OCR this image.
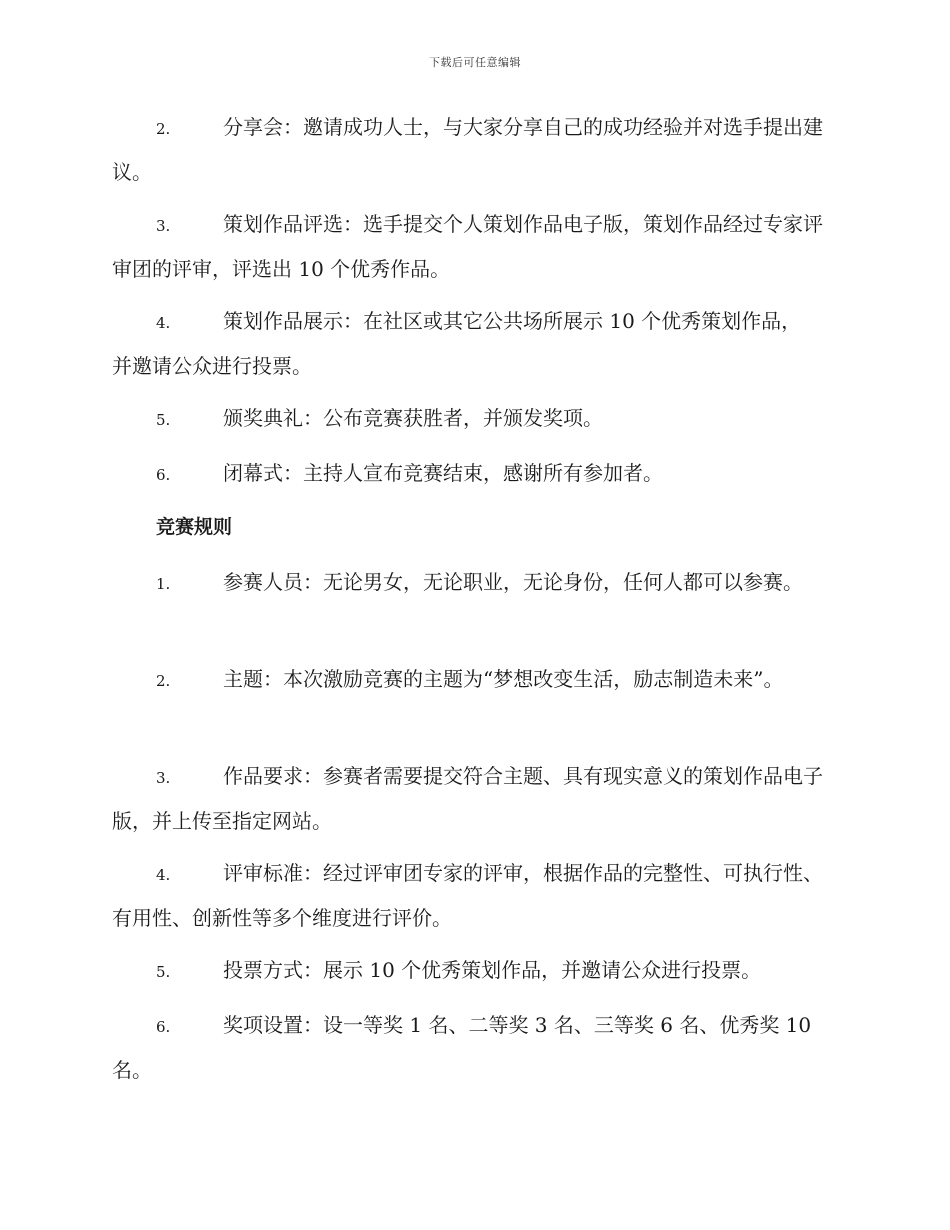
下载后可任意编辑
2.	分享会：邀请成功人士，与大家分享自己的成功经验并对选手提出建议。
3.	策划作品评选：选手提交个人策划作品电子版，策划作品经过专家评审团的评审，评选出 10 个优秀作品。
4.	策划作品展示：在社区或其它公共场所展示 10 个优秀策划作品，并邀请公众进行投票。
5.	颁奖典礼：公布竞赛获胜者，并颁发奖项。
6.	闭幕式：主持人宣布竞赛结束，感谢所有参加者。
竞赛规则
1.	参赛人员：无论男女，无论职业，无论身份，任何人都可以参赛。
2.	主题：本次激励竞赛的主题为“梦想改变生活，励志制造未来”。
3.	作品要求：参赛者需要提交符合主题、具有现实意义的策划作品电子版，并上传至指定网站。
4.	评审标准：经过评审团专家的评审，根据作品的完整性、可执行性、有用性、创新性等多个维度进行评价。
5.	投票方式：展示 10 个优秀策划作品，并邀请公众进行投票。
6.	奖项设置：设一等奖 1 名、二等奖 3 名、三等奖 6 名、优秀奖 10 名。
